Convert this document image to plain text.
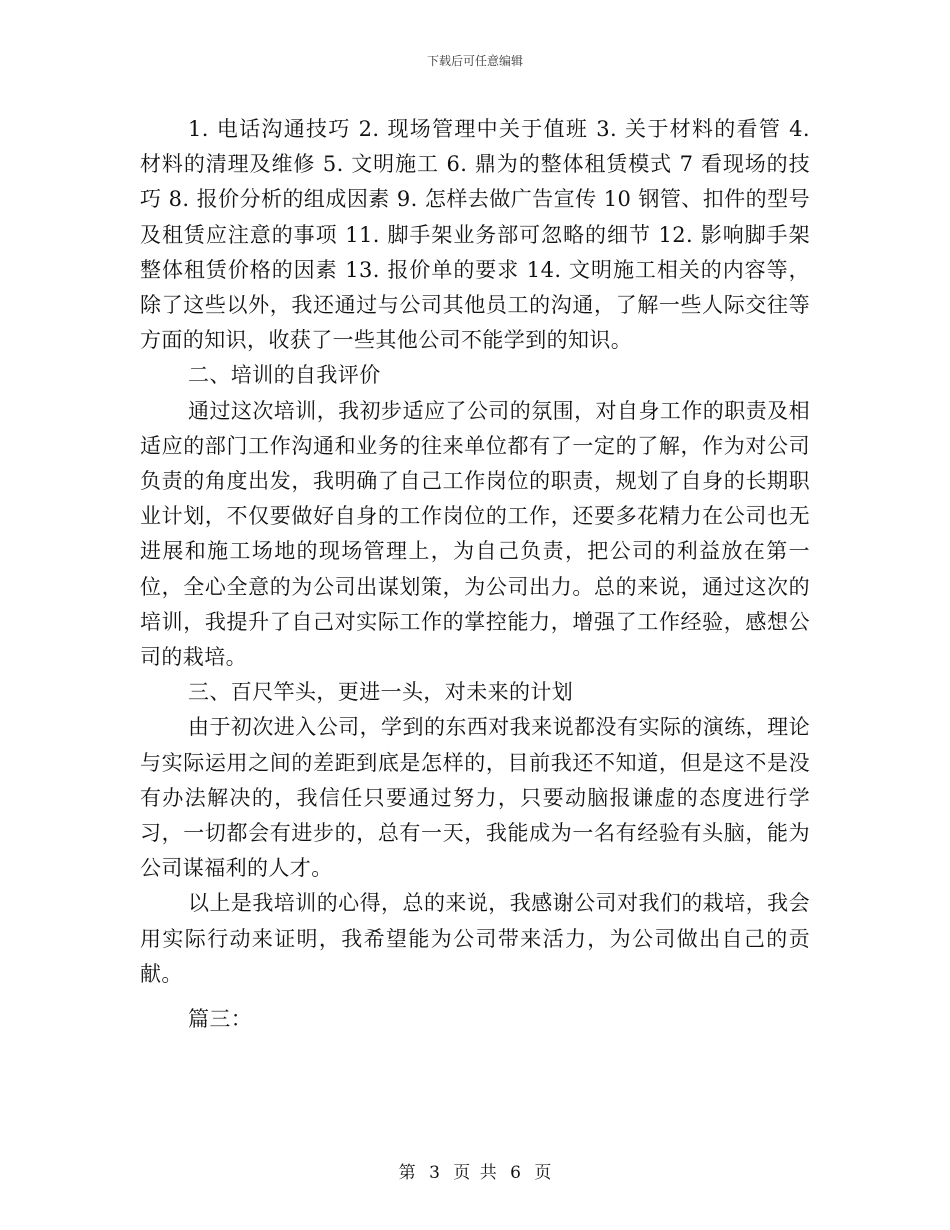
下载后可任意编辑

1. 电话沟通技巧 2. 现场管理中关于值班 3. 关于材料的看管 4. 材料的清理及维修 5. 文明施工 6. 鼎为的整体租赁模式 7 看现场的技巧 8. 报价分析的组成因素 9. 怎样去做广告宣传 10 钢管、扣件的型号及租赁应注意的事项 11. 脚手架业务部可忽略的细节 12. 影响脚手架整体租赁价格的因素 13. 报价单的要求 14. 文明施工相关的内容等，除了这些以外，我还通过与公司其他员工的沟通，了解一些人际交往等方面的知识，收获了一些其他公司不能学到的知识。

二、培训的自我评价

通过这次培训，我初步适应了公司的氛围，对自身工作的职责及相适应的部门工作沟通和业务的往来单位都有了一定的了解，作为对公司负责的角度出发，我明确了自己工作岗位的职责，规划了自身的长期职业计划，不仅要做好自身的工作岗位的工作，还要多花精力在公司也无进展和施工场地的现场管理上，为自己负责，把公司的利益放在第一位，全心全意的为公司出谋划策，为公司出力。总的来说，通过这次的培训，我提升了自己对实际工作的掌控能力，增强了工作经验，感想公司的栽培。

三、百尺竿头，更进一头，对未来的计划

由于初次进入公司，学到的东西对我来说都没有实际的演练，理论与实际运用之间的差距到底是怎样的，目前我还不知道，但是这不是没有办法解决的，我信任只要通过努力，只要动脑报谦虚的态度进行学习，一切都会有进步的，总有一天，我能成为一名有经验有头脑，能为公司谋福利的人才。

以上是我培训的心得，总的来说，我感谢公司对我们的栽培，我会用实际行动来证明，我希望能为公司带来活力，为公司做出自己的贡献。

篇三：

第 3 页 共 6 页
